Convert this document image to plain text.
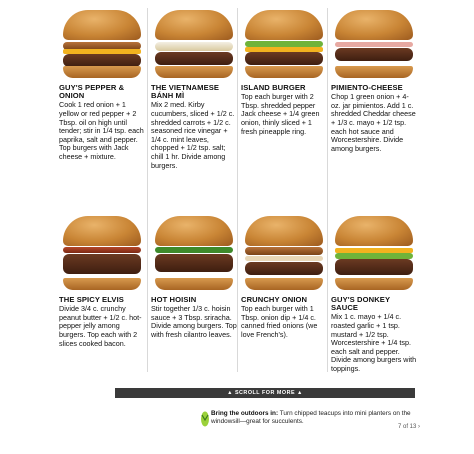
GUY'S PEPPER & ONION

Cook 1 red onion + 1 yellow or red pepper + 2 Tbsp. oil on high until tender; stir in 1/4 tsp. each paprika, salt and pepper. Top burgers with Jack cheese + mixture.

THE VIETNAMESE BÁNH MÌ

Mix 2 med. Kirby cucumbers, sliced + 1/2 c. shredded carrots + 1/2 c. seasoned rice vinegar + 1/4 c. mint leaves, chopped + 1/2 tsp. salt; chill 1 hr. Divide among burgers.

ISLAND BURGER

Top each burger with 2 Tbsp. shredded pepper Jack cheese + 1/4 green onion, thinly sliced + 1 fresh pineapple ring.

PIMIENTO-CHEESE

Chop 1 green onion + 4-oz. jar pimientos. Add 1 c. shredded Cheddar cheese + 1/3 c. mayo + 1/2 tsp. each hot sauce and Worcestershire. Divide among burgers.

THE SPICY ELVIS

Divide 3/4 c. crunchy peanut butter + 1/2 c. hot-pepper jelly among burgers. Top each with 2 slices cooked bacon.

HOT HOISIN

Stir together 1/3 c. hoisin sauce + 3 Tbsp. sriracha. Divide among burgers. Top with fresh cilantro leaves.

CRUNCHY ONION

Top each burger with 1 Tbsp. onion dip + 1/4 c. canned fried onions (we love French's).

GUY'S DONKEY SAUCE

Mix 1 c. mayo + 1/4 c. roasted garlic + 1 tsp. mustard + 1/2 tsp. Worcestershire + 1/4 tsp. each salt and pepper. Divide among burgers with toppings.

▲ SCROLL FOR MORE ▲
Bring the outdoors in: Turn chipped teacups into mini planters on the windowsill—great for succulents.
7 of 13 ›
